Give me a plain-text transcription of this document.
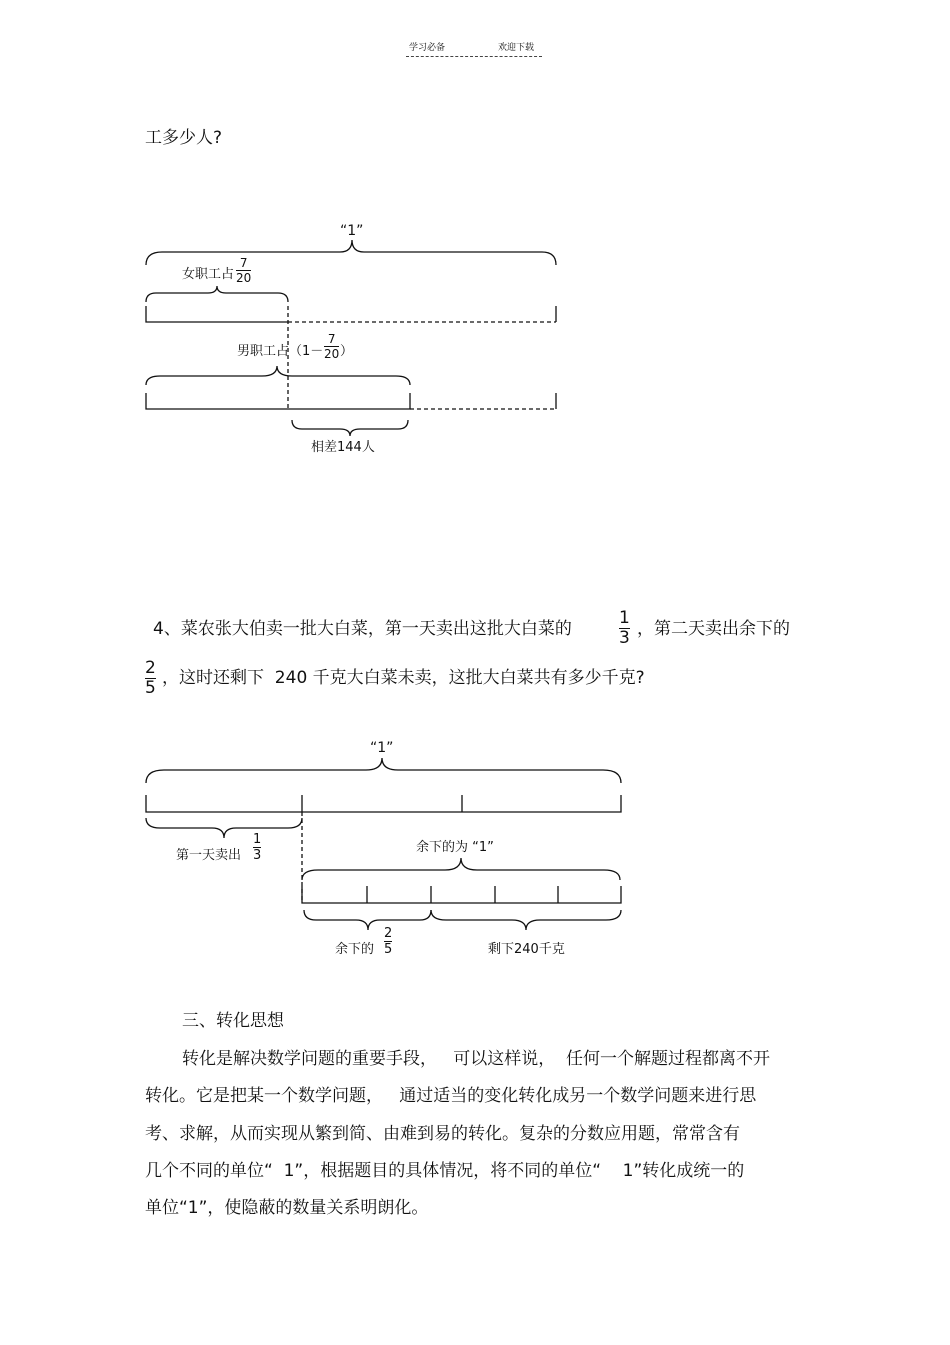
学习必备	欢迎下载
工多少人?
“1”
女职工占
7
20
男职工占（1－
7
20 ）
相差144人
4、菜农张大伯卖一批大白菜，第一天卖出这批大白菜的
1
3 ，第二天卖出余下的
2
5 ，这时还剩下  240 千克大白菜未卖，这批大白菜共有多少千克?
“1”
第一天卖出
1
3
余下的为 “1”
余下的
2
5	剩下240千克
三、转化思想
转化是解决数学问题的重要手段，   可以这样说，  任何一个解题过程都离不开
转化。它是把某一个数学问题，   通过适当的变化转化成另一个数学问题来进行思
考、求解，从而实现从繁到简、由难到易的转化。复杂的分数应用题，常常含有
几个不同的单位“  1”，根据题目的具体情况，将不同的单位“    1”转化成统一的
单位“1”，使隐蔽的数量关系明朗化。
